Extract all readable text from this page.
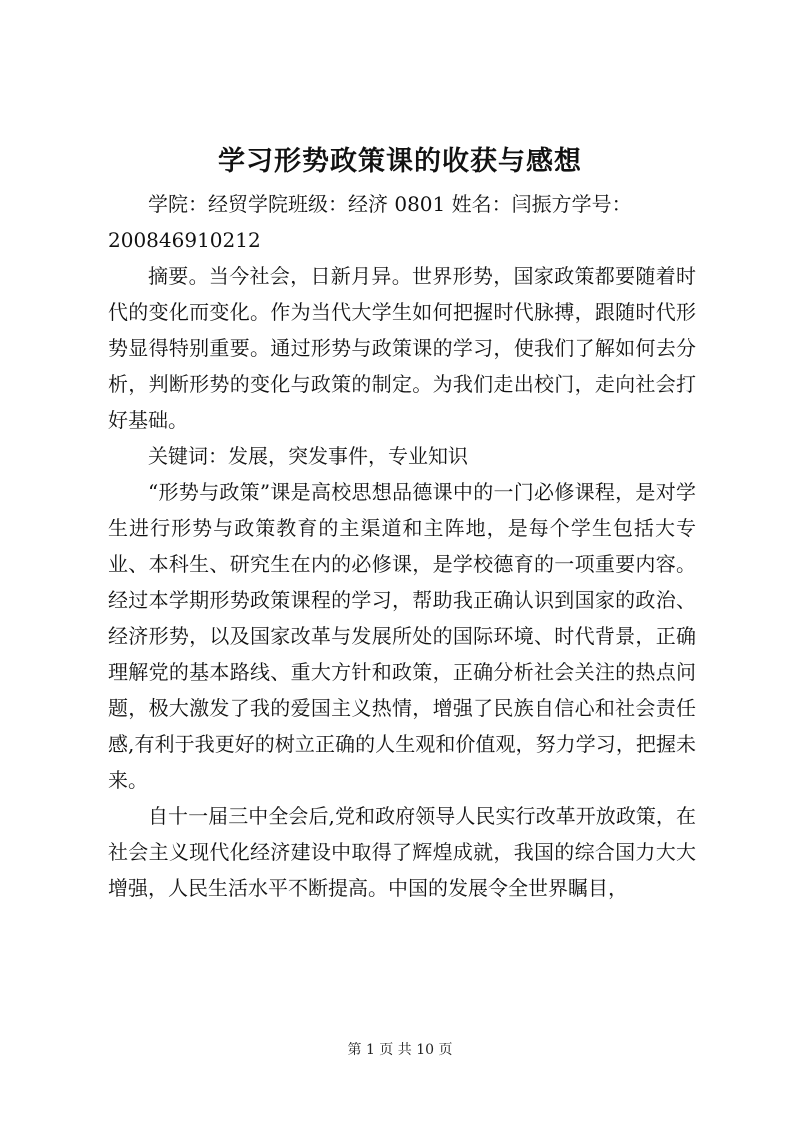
学习形势政策课的收获与感想

学院：经贸学院班级：经济 0801 姓名：闫振方学号：

200846910212

摘要。当今社会，日新月异。世界形势，国家政策都要随着时代的变化而变化。作为当代大学生如何把握时代脉搏，跟随时代形势显得特别重要。通过形势与政策课的学习，使我们了解如何去分析，判断形势的变化与政策的制定。为我们走出校门，走向社会打好基础。

关键词：发展，突发事件，专业知识

“形势与政策”课是高校思想品德课中的一门必修课程，是对学生进行形势与政策教育的主渠道和主阵地，是每个学生包括大专业、本科生、研究生在内的必修课，是学校德育的一项重要内容。经过本学期形势政策课程的学习，帮助我正确认识到国家的政治、经济形势，以及国家改革与发展所处的国际环境、时代背景，正确理解党的基本路线、重大方针和政策，正确分析社会关注的热点问题，极大激发了我的爱国主义热情，增强了民族自信心和社会责任感,有利于我更好的树立正确的人生观和价值观，努力学习，把握未来。

自十一届三中全会后,党和政府领导人民实行改革开放政策，在社会主义现代化经济建设中取得了辉煌成就，我国的综合国力大大增强，人民生活水平不断提高。中国的发展令全世界瞩目，

第 1 页 共 10 页
